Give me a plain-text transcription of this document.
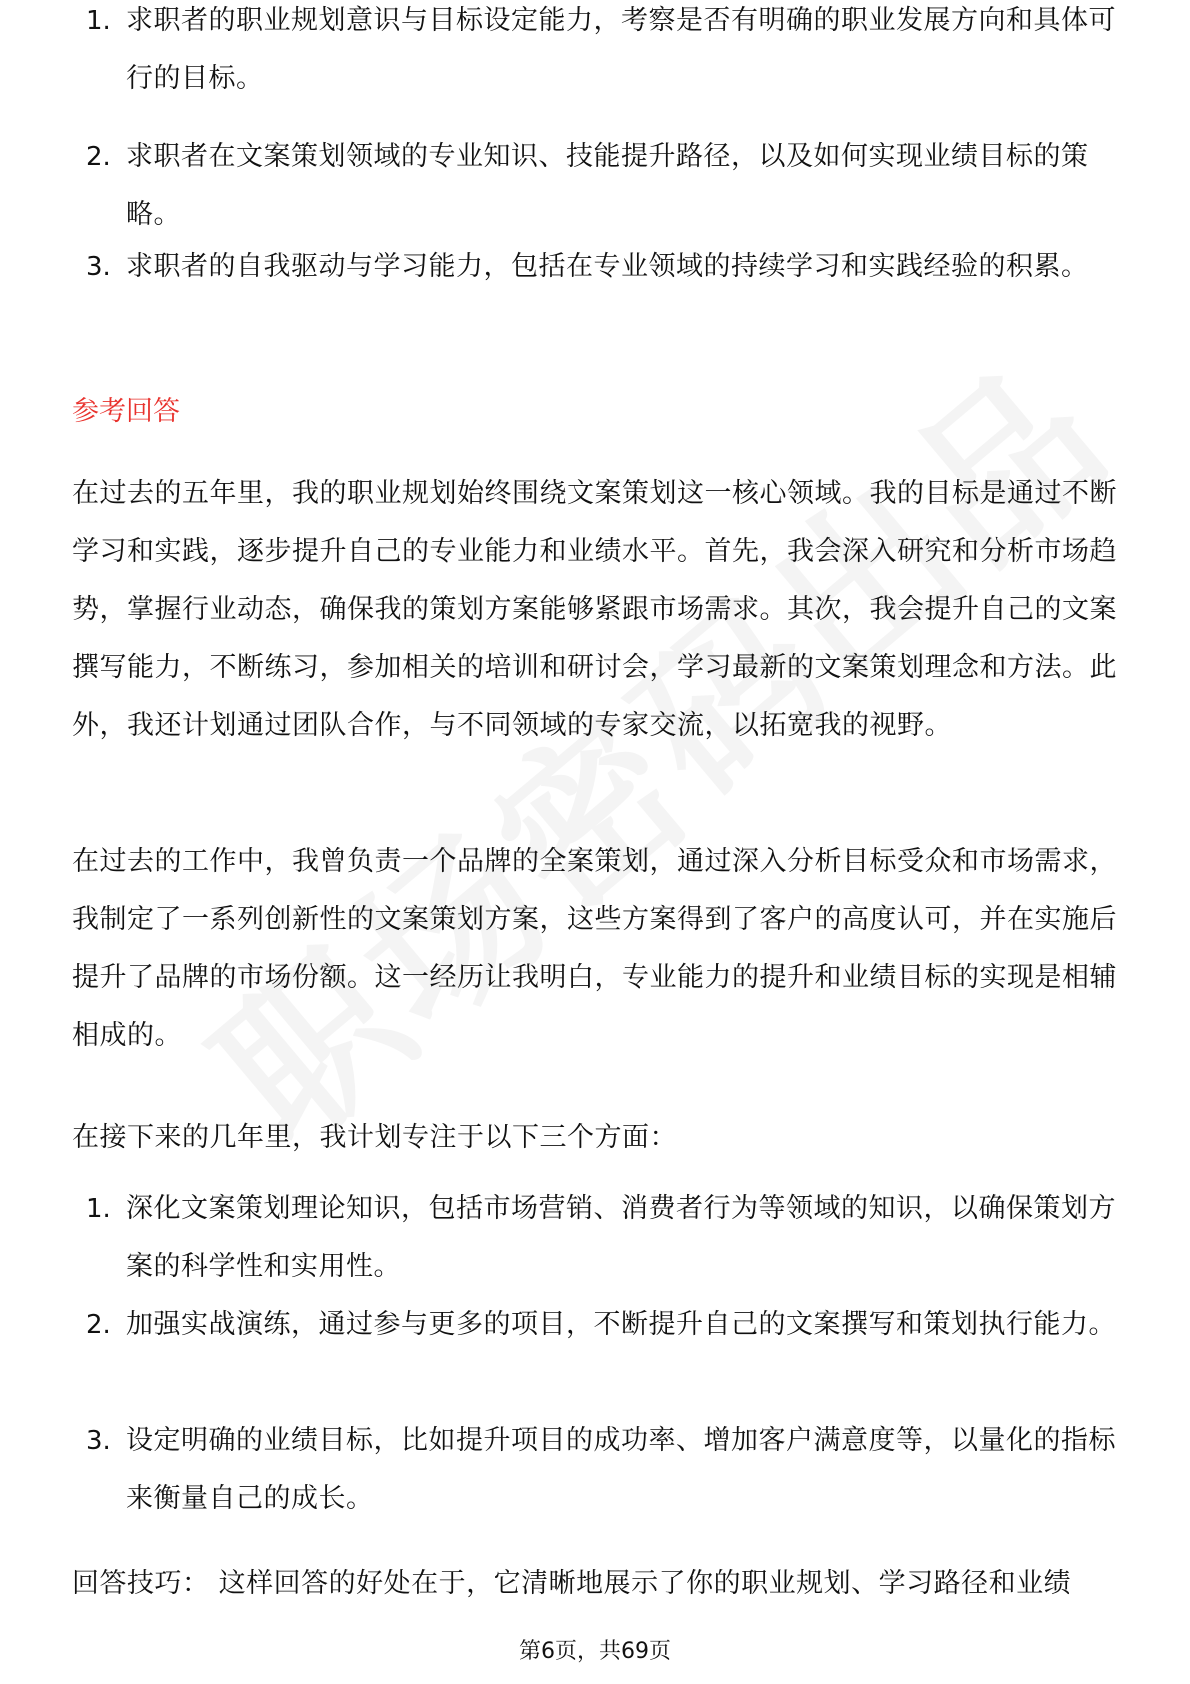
1. 求职者的职业规划意识与目标设定能力，考察是否有明确的职业发展方向和具体可行的目标。
2. 求职者在文案策划领域的专业知识、技能提升路径，以及如何实现业绩目标的策略。
3. 求职者的自我驱动与学习能力，包括在专业领域的持续学习和实践经验的积累。
参考回答
在过去的五年里，我的职业规划始终围绕文案策划这一核心领域。我的目标是通过不断学习和实践，逐步提升自己的专业能力和业绩水平。首先，我会深入研究和分析市场趋势，掌握行业动态，确保我的策划方案能够紧跟市场需求。其次，我会提升自己的文案撰写能力，不断练习，参加相关的培训和研讨会，学习最新的文案策划理念和方法。此外，我还计划通过团队合作，与不同领域的专家交流，以拓宽我的视野。
在过去的工作中，我曾负责一个品牌的全案策划，通过深入分析目标受众和市场需求，我制定了一系列创新性的文案策划方案，这些方案得到了客户的高度认可，并在实施后提升了品牌的市场份额。这一经历让我明白，专业能力的提升和业绩目标的实现是相辅相成的。
在接下来的几年里，我计划专注于以下三个方面：
1. 深化文案策划理论知识，包括市场营销、消费者行为等领域的知识，以确保策划方案的科学性和实用性。
2. 加强实战演练，通过参与更多的项目，不断提升自己的文案撰写和策划执行能力。
3. 设定明确的业绩目标，比如提升项目的成功率、增加客户满意度等，以量化的指标来衡量自己的成长。
回答技巧： 这样回答的好处在于，它清晰地展示了你的职业规划、学习路径和业绩
第6页，共69页
